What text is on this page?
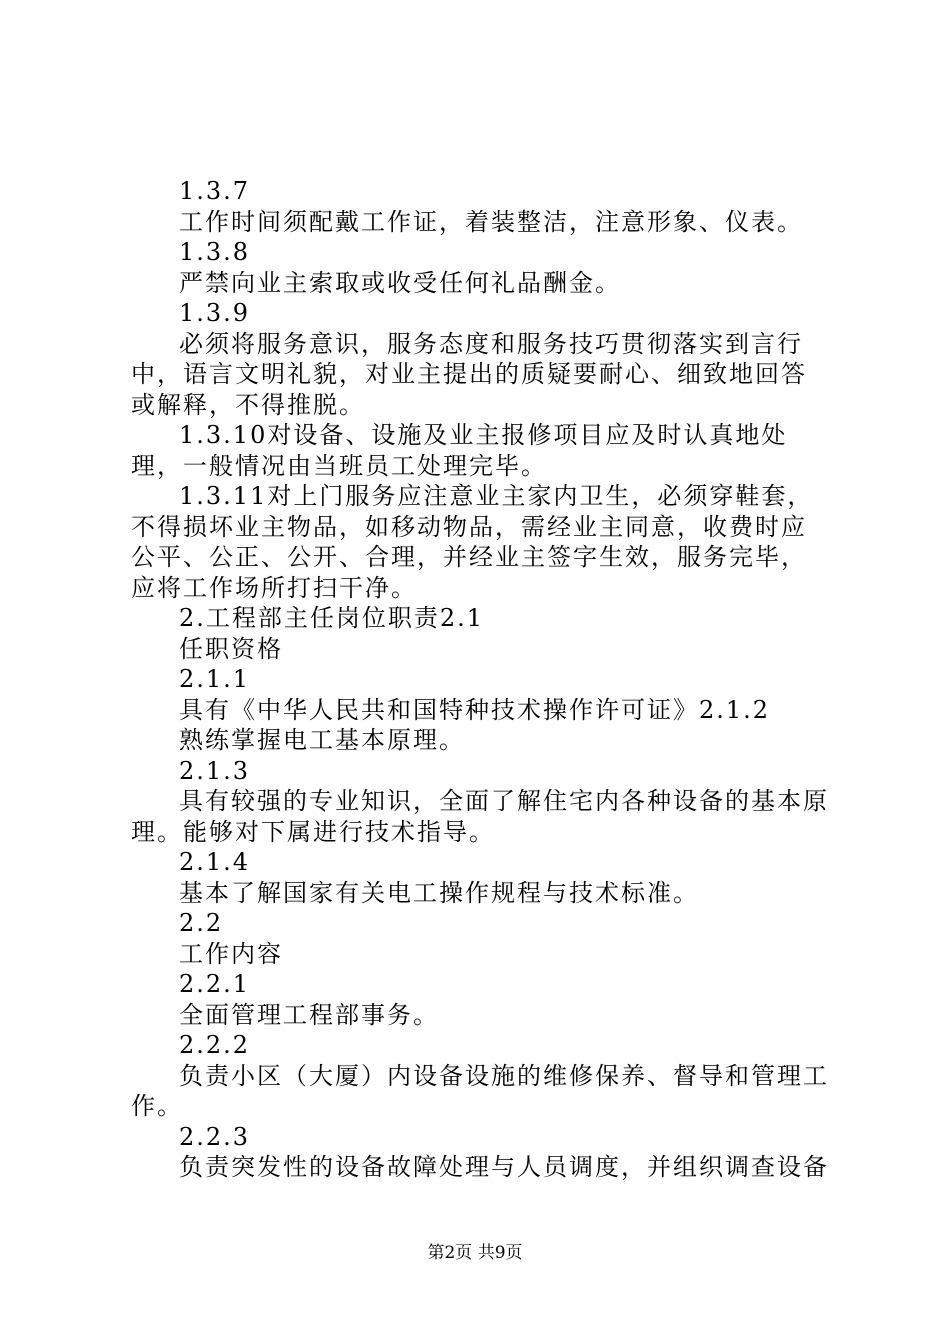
1.3.7

工作时间须配戴工作证，着装整洁，注意形象、仪表。

1.3.8

严禁向业主索取或收受任何礼品酬金。

1.3.9

必须将服务意识，服务态度和服务技巧贯彻落实到言行中，语言文明礼貌，对业主提出的质疑要耐心、细致地回答或解释，不得推脱。

1.3.10对设备、设施及业主报修项目应及时认真地处理，一般情况由当班员工处理完毕。

1.3.11对上门服务应注意业主家内卫生，必须穿鞋套，不得损坏业主物品，如移动物品，需经业主同意，收费时应公平、公正、公开、合理，并经业主签字生效，服务完毕，应将工作场所打扫干净。

2.工程部主任岗位职责2.1

任职资格

2.1.1

具有《中华人民共和国特种技术操作许可证》2.1.2

熟练掌握电工基本原理。

2.1.3

具有较强的专业知识，全面了解住宅内各种设备的基本原理。能够对下属进行技术指导。

2.1.4

基本了解国家有关电工操作规程与技术标准。

2.2

工作内容

2.2.1

全面管理工程部事务。

2.2.2

负责小区（大厦）内设备设施的维修保养、督导和管理工作。

2.2.3

负责突发性的设备故障处理与人员调度，并组织调查设备

第2页 共9页
